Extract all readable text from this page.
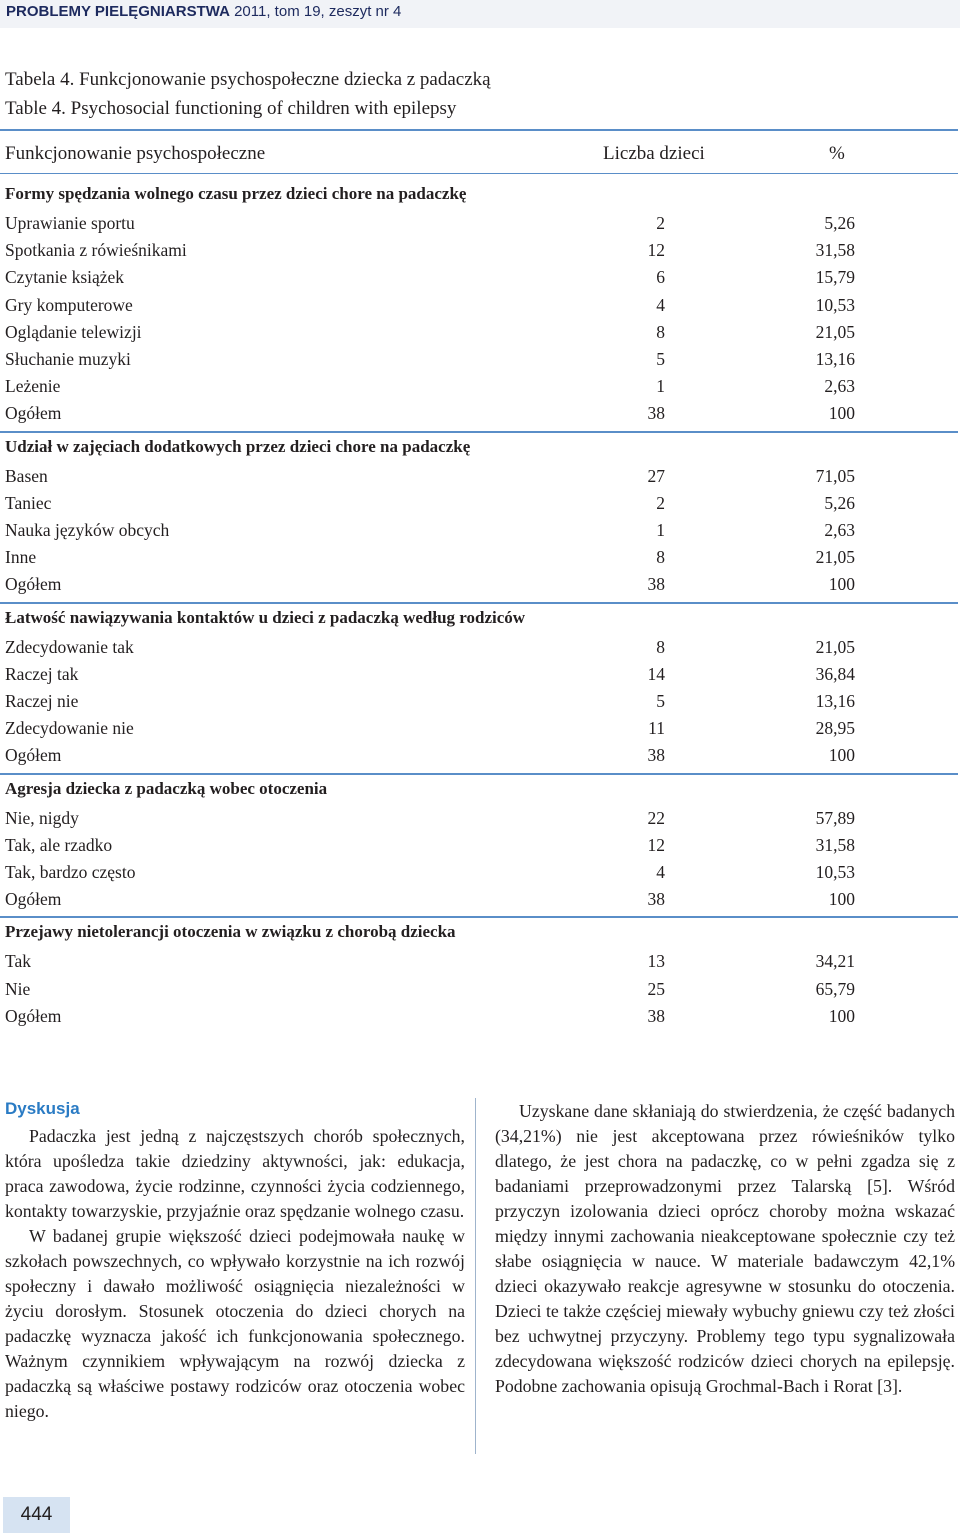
PROBLEMY PIELĘGNIARSTWA 2011, tom 19, zeszyt nr 4
Tabela 4. Funkcjonowanie psychospołeczne dziecka z padaczką
Table 4. Psychosocial functioning of children with epilepsy
Funkcjonowanie psychospołeczne	Liczba dzieci	%
Formy spędzania wolnego czasu przez dzieci chore na padaczkę
Uprawianie sportu	2	5,26
Spotkania z rówieśnikami	12	31,58
Czytanie książek	6	15,79
Gry komputerowe	4	10,53
Oglądanie telewizji	8	21,05
Słuchanie muzyki	5	13,16
Leżenie	1	2,63
Ogółem	38	100
Udział w zajęciach dodatkowych przez dzieci chore na padaczkę
Basen	27	71,05
Taniec	2	5,26
Nauka języków obcych	1	2,63
Inne	8	21,05
Ogółem	38	100
Łatwość nawiązywania kontaktów u dzieci z padaczką według rodziców
Zdecydowanie tak	8	21,05
Raczej tak	14	36,84
Raczej nie	5	13,16
Zdecydowanie nie	11	28,95
Ogółem	38	100
Agresja dziecka z padaczką wobec otoczenia
Nie, nigdy	22	57,89
Tak, ale rzadko	12	31,58
Tak, bardzo często	4	10,53
Ogółem	38	100
Przejawy nietolerancji otoczenia w związku z chorobą dziecka
Tak	13	34,21
Nie	25	65,79
Ogółem	38	100
Dyskusja

Padaczka jest jedną z najczęstszych chorób społecznych, która upośledza takie dziedziny aktywności, jak: edukacja, praca zawodowa, życie rodzinne, czynności życia codziennego, kontakty towarzyskie, przyjaźnie oraz spędzanie wolnego czasu.

W badanej grupie większość dzieci podejmowała naukę w szkołach powszechnych, co wpływało korzystnie na ich rozwój społeczny i dawało możliwość osiągnięcia niezależności w życiu dorosłym. Stosunek otoczenia do dzieci chorych na padaczkę wyznacza jakość ich funkcjonowania społecznego. Ważnym czynnikiem wpływającym na rozwój dziecka z padaczką są właściwe postawy rodziców oraz otoczenia wobec niego.

Uzyskane dane skłaniają do stwierdzenia, że część badanych (34,21%) nie jest akceptowana przez rówieśników tylko dlatego, że jest chora na padaczkę, co w pełni zgadza się z badaniami przeprowadzonymi przez Talarską [5]. Wśród przyczyn izolowania dzieci oprócz choroby można wskazać między innymi zachowania nieakceptowane społecznie czy też słabe osiągnięcia w nauce. W materiale badawczym 42,1% dzieci okazywało reakcje agresywne w stosunku do otoczenia. Dzieci te także częściej miewały wybuchy gniewu czy też złości bez uchwytnej przyczyny. Problemy tego typu sygnalizowała zdecydowana większość rodziców dzieci chorych na epilepsję. Podobne zachowania opisują Grochmal-Bach i Rorat [3].

444
